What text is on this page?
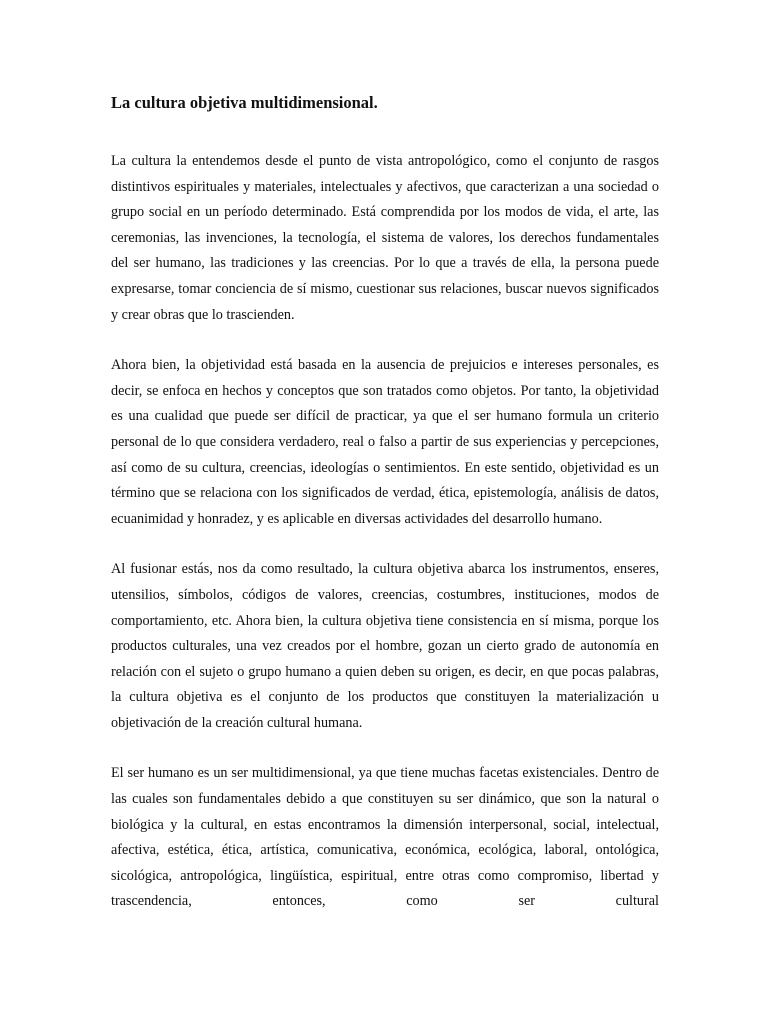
La cultura objetiva multidimensional.

La cultura la entendemos desde el punto de vista antropológico, como el conjunto de rasgos distintivos espirituales y materiales, intelectuales y afectivos, que caracterizan a una sociedad o grupo social en un período determinado. Está comprendida por los modos de vida, el arte, las ceremonias, las invenciones, la tecnología, el sistema de valores, los derechos fundamentales del ser humano, las tradiciones y las creencias. Por lo que a través de ella, la persona puede expresarse, tomar conciencia de sí mismo, cuestionar sus relaciones, buscar nuevos significados y crear obras que lo trascienden.

Ahora bien, la objetividad está basada en la ausencia de prejuicios e intereses personales, es decir, se enfoca en hechos y conceptos que son tratados como objetos. Por tanto, la objetividad es una cualidad que puede ser difícil de practicar, ya que el ser humano formula un criterio personal de lo que considera verdadero, real o falso a partir de sus experiencias y percepciones, así como de su cultura, creencias, ideologías o sentimientos. En este sentido, objetividad es un término que se relaciona con los significados de verdad, ética, epistemología, análisis de datos, ecuanimidad y honradez, y es aplicable en diversas actividades del desarrollo humano.

Al fusionar estás, nos da como resultado, la cultura objetiva abarca los instrumentos, enseres, utensilios, símbolos, códigos de valores, creencias, costumbres, instituciones, modos de comportamiento, etc. Ahora bien, la cultura objetiva tiene consistencia en sí misma, porque los productos culturales, una vez creados por el hombre, gozan un cierto grado de autonomía en relación con el sujeto o grupo humano a quien deben su origen, es decir, en que pocas palabras, la cultura objetiva es el conjunto de los productos que constituyen la materialización u objetivación de la creación cultural humana.

El ser humano es un ser multidimensional, ya que tiene muchas facetas existenciales. Dentro de las cuales son fundamentales debido a que constituyen su ser dinámico, que son la natural o biológica y la cultural, en estas encontramos la dimensión interpersonal, social, intelectual, afectiva, estética, ética, artística, comunicativa, económica, ecológica, laboral, ontológica, sicológica, antropológica, lingüística, espiritual, entre otras como compromiso, libertad y trascendencia, entonces, como ser cultural
